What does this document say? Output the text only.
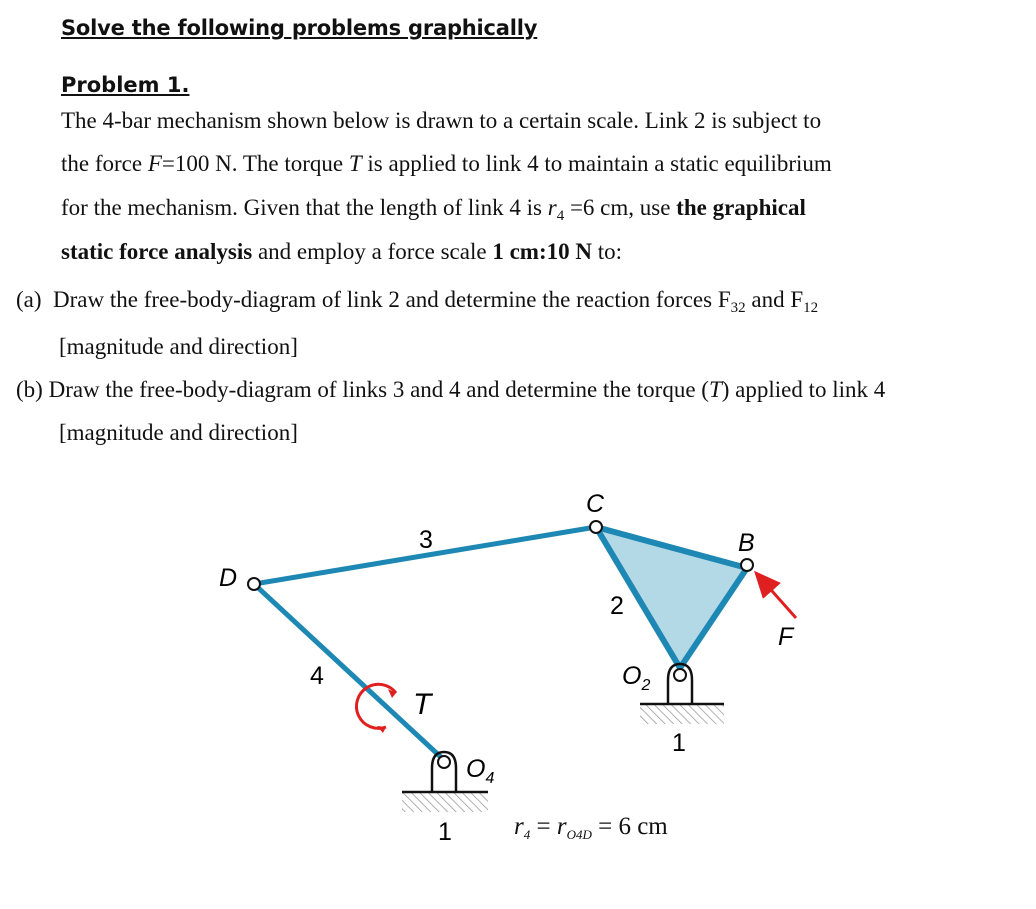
Solve the following problems graphically
Problem 1.
The 4-bar mechanism shown below is drawn to a certain scale. Link 2 is subject to
the force F=100 N. The torque T is applied to link 4 to maintain a static equilibrium
for the mechanism. Given that the length of link 4 is $r_4 =6$ cm, use the graphical
static force analysis and employ a force scale 1 cm:10 N to:
(a)  Draw the free-body-diagram of link 2 and determine the reaction forces $F_{32}$ and $F_{12}$
[magnitude and direction]
(b) Draw the free-body-diagram of links 3 and 4 and determine the torque (T) applied to link 4
[magnitude and direction]
C
B
D
F
T
3
4
2
1
1
$O_2$
$O_4$
$r_4 = r_{O4D} = 6$ cm
